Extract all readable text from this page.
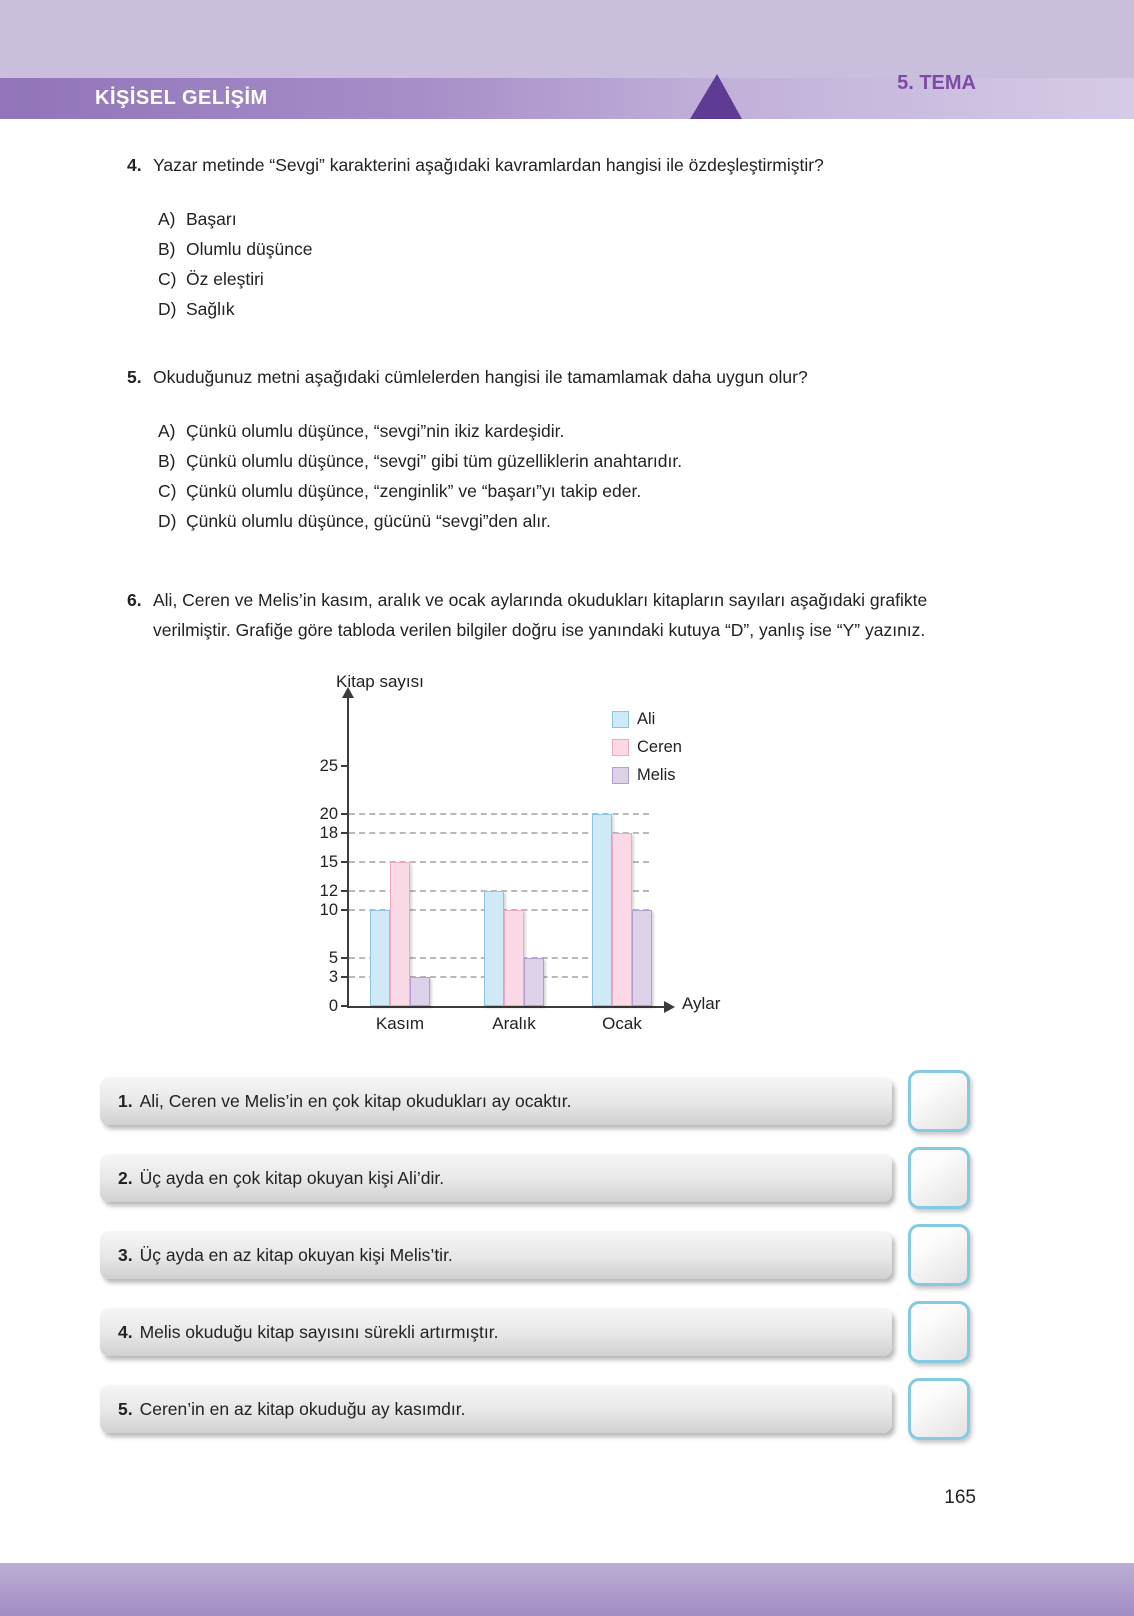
KİŞİSEL GELİŞİM
5. TEMA
4. Yazar metinde “Sevgi” karakterini aşağıdaki kavramlardan hangisi ile özdeşleştirmiştir?
A) Başarı
B) Olumlu düşünce
C) Öz eleştiri
D) Sağlık
5. Okuduğunuz metni aşağıdaki cümlelerden hangisi ile tamamlamak daha uygun olur?
A) Çünkü olumlu düşünce, “sevgi”nin ikiz kardeşidir.
B) Çünkü olumlu düşünce, “sevgi” gibi tüm güzelliklerin anahtarıdır.
C) Çünkü olumlu düşünce, “zenginlik” ve “başarı”yı takip eder.
D) Çünkü olumlu düşünce, gücünü “sevgi”den alır.
6. Ali, Ceren ve Melis’in kasım, aralık ve ocak aylarında okudukları kitapların sayıları aşağıdaki grafikte verilmiştir. Grafiğe göre tabloda verilen bilgiler doğru ise yanındaki kutuya “D”, yanlış ise “Y” yazınız.
Kitap sayısı
Aylar
Ali
Ceren
Melis
0
3
5
10
12
15
18
20
25
Kasım	Aralık	Ocak
1. Ali, Ceren ve Melis’in en çok kitap okudukları ay ocaktır.
2. Üç ayda en çok kitap okuyan kişi Ali’dir.
3. Üç ayda en az kitap okuyan kişi Melis’tir.
4. Melis okuduğu kitap sayısını sürekli artırmıştır.
5. Ceren’in en az kitap okuduğu ay kasımdır.
165
